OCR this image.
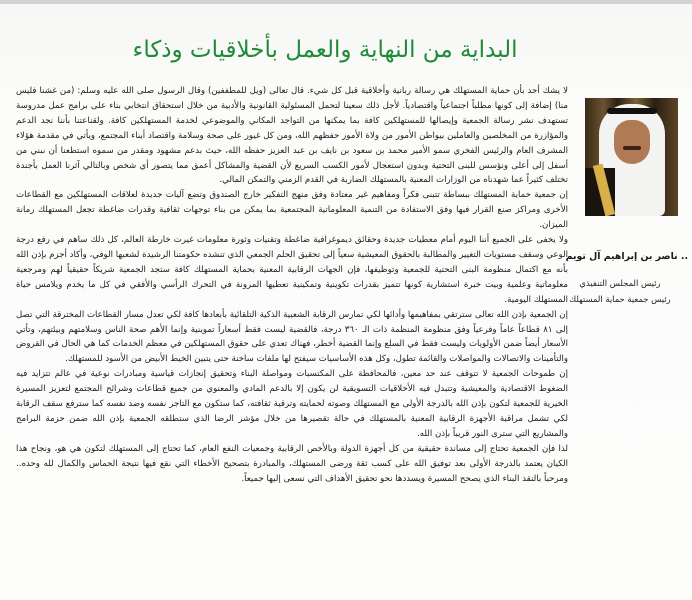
البداية من النهاية والعمل بأخلاقيات وذكاء

لا يشك أحد بأن حماية المستهلك هي رسالة ربانية وأخلاقية قبل كل شيء. قال تعالى (ويل للمطففين) وقال الرسول صلى الله عليه وسلم: (من غشنا فليس منا) إضافة إلى كونها مطلباً اجتماعياً واقتصادياً. لأجل ذلك سعينا لتحمل المسئولية القانونية والأدبية من خلال استحقاق انتخابي بناء على برامج عمل مدروسة تستهدف نشر رسالة الجمعية وإيصالها للمستهلكين كافة بما يمكنها من التواجد المكاني والموضوعي لخدمة المستهلكين كافة. ولقناعتنا بأننا نجد الدعم والمؤازرة من المخلصين والعاملين بيواطن الأمور من ولاة الأمور حفظهم الله، ومن كل غيور على صحة وسلامة واقتصاد أبناء المجتمع، ويأتي في مقدمة هؤلاء المشرف العام والرئيس الفخري سمو الأمير محمد بن سعود بن نايف بن عبد العزيز حفظه الله، حيث بدعم مشهود ومقدر من سموه استطعنا أن نبني من أسفل إلى أعلى ونؤسس للبنى التحتية وبدون استعجال لأمور الكسب السريع لأن القضية والمشاكل أعمق مما يتصور أي شخص وبالتالي آثرنا العمل بأجندة تختلف كثيراً عما شهدناه من الوزارات المعنية بالمستهلك الضاربة في القدم الزمني والتمكن المالي.

إن جمعية حماية المستهلك ببساطة تتبنى فكراً ومفاهيم غير معتادة وفق منهج التفكير خارج الصندوق وتضع آليات جديدة لعلاقات المستهلكين مع القطاعات الأخرى ومراكز صنع القرار فيها وفق الاستفادة من التنمية المعلوماتية المجتمعية بما يمكن من بناء توجهات ثقافية وقدرات ضاغطة تجعل المستهلك رمانة الميزان.

ولا يخفى على الجميع أننا اليوم أمام معطيات جديدة وحقائق ديموغرافية ضاغطة وتقنيات وثورة معلومات غيرت خارطة العالم، كل ذلك ساهم في رفع درجة الوعي وسقف مستويات التغيير والمطالبة بالحقوق المعيشية سعياً إلى تحقيق الحلم الجمعي الذي تنشده حكومتنا الرشيدة لشعبها الوفي، وأكاد أجزم بإذن الله بأنه مع اكتمال منظومة البنى التحتية للجمعية وتوظيفها، فإن الجهات الرقابية المعنية بحماية المستهلك كافة ستجد الجمعية شريكاً حقيقياً لهم ومرجعية معلوماتية وعلمية وبيت خبرة استشارية كونها تتميز بقدرات تكوينية وتمكينية تعطيها المرونة في التحرك الرأسي والأفقي في كل ما يخدم ويلامس حياة المستهلك اليومية.

إن الجمعية بإذن الله تعالى سترتقي بمفاهيمها وأدائها لكي تمارس الرقابة الشعبية الذكية التلقائية بأبعادها كافة لكي تعدل مسار القطاعات المخترقة التي تصل إلى ٨١ قطاعاً عاماً وفرعياً وفق منظومة المنظمة ذات الـ ٣٦٠ درجة، فالقضية ليست فقط أسعاراً تموينية وإنما الأهم صحة الناس وسلامتهم وبيئتهم، وتأتي الأسعار أيضاً ضمن الأولويات وليست فقط في السلع وإنما القضية أخطر، فهناك تعدي على حقوق المستهلكين في معظم الخدمات كما هي الحال في القروض والتأمينات والاتصالات والمواصلات والقائمة تطول، وكل هذه الأساسيات سيفتح لها ملفات ساخنة حتى يتبين الخيط الأبيض من الأسود للمستهلك.

إن طموحات الجمعية لا تتوقف عند حد معين، فالمحافظة على المكتسبات ومواصلة البناء وتحقيق إنجازات قياسية ومبادرات نوعية في عالم تتزايد فيه الضغوط الاقتصادية والمعيشية وتتبدل فيه الأخلاقيات التسويقية لن يكون إلا بالدعم المادي والمعنوي من جميع قطاعات وشرائح المجتمع لتعزيز المسيرة الخيرية للجمعية لتكون بإذن الله بالدرجة الأولى مع المستهلك وصوته لحمايته وترقية ثقافته، كما ستكون مع التاجر نفسه وضد نفسه كما سترفع سقف الرقابة لكي تشمل مراقبة الأجهزة الرقابية المعنية بالمستهلك في حالة تقصيرها من خلال مؤشر الرضا الذي ستطلقه الجمعية بإذن الله ضمن حزمة البرامج والمشاريع التي سترى النور قريباً بإذن الله.

لذا فإن الجمعية تحتاج إلى مساندة حقيقية من كل أجهزة الدولة وبالأخص الرقابية وجمعيات النفع العام، كما تحتاج إلى المستهلك لتكون هي هو، ونجاح هذا الكيان يعتمد بالدرجة الأولى بعد توفيق الله على كسب ثقة ورضى المستهلك، والمبادرة بتصحيح الأخطاء التي نقع فيها نتيجة الحماس والكمال لله وحده.. ومرحباً بالنقد البناء الذي يصحح المسيرة ويسددها نحو تحقيق الأهداف التي نسعى إليها جميعاً.

.. ناصر بن إبراهيم آل تويم
رئيس المجلس التنفيذي
رئيس جمعية حماية المستهلك
